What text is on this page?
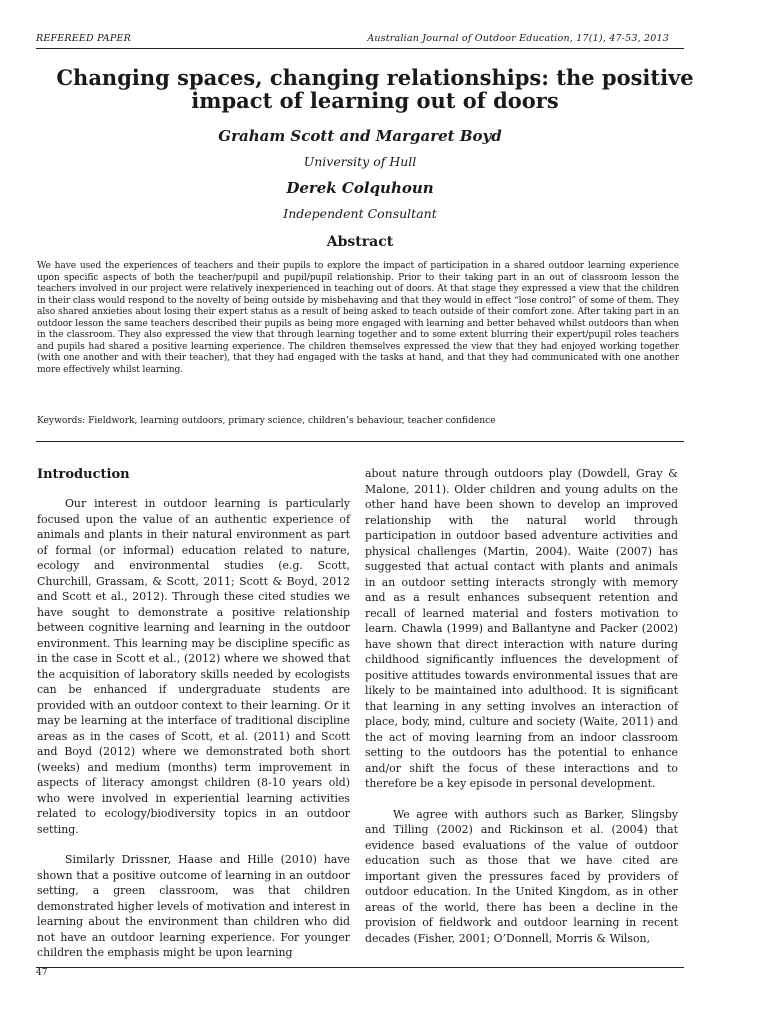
REFEREED PAPER	Australian Journal of Outdoor Education, 17(1), 47-53, 2013
Changing spaces, changing relationships: the positive impact of learning out of doors
Graham Scott and Margaret Boyd
University of Hull
Derek Colquhoun
Independent Consultant
Abstract
We have used the experiences of teachers and their pupils to explore the impact of participation in a shared outdoor learning experience upon specific aspects of both the teacher/pupil and pupil/pupil relationship. Prior to their taking part in an out of classroom lesson the teachers involved in our project were relatively inexperienced in teaching out of doors. At that stage they expressed a view that the children in their class would respond to the novelty of being outside by misbehaving and that they would in effect “lose control” of some of them. They also shared anxieties about losing their expert status as a result of being asked to teach outside of their comfort zone. After taking part in an outdoor lesson the same teachers described their pupils as being more engaged with learning and better behaved whilst outdoors than when in the classroom. They also expressed the view that through learning together and to some extent blurring their expert/pupil roles teachers and pupils had shared a positive learning experience. The children themselves expressed the view that they had enjoyed working together (with one another and with their teacher), that they had engaged with the tasks at hand, and that they had communicated with one another more effectively whilst learning.
Keywords: Fieldwork, learning outdoors, primary science, children’s behaviour, teacher confidence
Introduction

Our interest in outdoor learning is particularly focused upon the value of an authentic experience of animals and plants in their natural environment as part of formal (or informal) education related to nature, ecology and environmental studies (e.g. Scott, Churchill, Grassam, & Scott, 2011; Scott & Boyd, 2012 and Scott et al., 2012). Through these cited studies we have sought to demonstrate a positive relationship between cognitive learning and learning in the outdoor environment. This learning may be discipline specific as in the case in Scott et al., (2012) where we showed that the acquisition of laboratory skills needed by ecologists can be enhanced if undergraduate students are provided with an outdoor context to their learning. Or it may be learning at the interface of traditional discipline areas as in the cases of Scott, et al. (2011) and Scott and Boyd (2012) where we demonstrated both short (weeks) and medium (months) term improvement in aspects of literacy amongst children (8-10 years old) who were involved in experiential learning activities related to ecology/biodiversity topics in an outdoor setting.

Similarly Drissner, Haase and Hille (2010) have shown that a positive outcome of learning in an outdoor setting, a green classroom, was that children demonstrated higher levels of motivation and interest in learning about the environment than children who did not have an outdoor learning experience. For younger children the emphasis might be upon learning

about nature through outdoors play (Dowdell, Gray & Malone, 2011). Older children and young adults on the other hand have been shown to develop an improved relationship with the natural world through participation in outdoor based adventure activities and physical challenges (Martin, 2004). Waite (2007) has suggested that actual contact with plants and animals in an outdoor setting interacts strongly with memory and as a result enhances subsequent retention and recall of learned material and fosters motivation to learn. Chawla (1999) and Ballantyne and Packer (2002) have shown that direct interaction with nature during childhood significantly influences the development of positive attitudes towards environmental issues that are likely to be maintained into adulthood. It is significant that learning in any setting involves an interaction of place, body, mind, culture and society (Waite, 2011) and the act of moving learning from an indoor classroom setting to the outdoors has the potential to enhance and/or shift the focus of these interactions and to therefore be a key episode in personal development.

We agree with authors such as Barker, Slingsby and Tilling (2002) and Rickinson et al. (2004) that evidence based evaluations of the value of outdoor education such as those that we have cited are important given the pressures faced by providers of outdoor education. In the United Kingdom, as in other areas of the world, there has been a decline in the provision of fieldwork and outdoor learning in recent decades (Fisher, 2001; O’Donnell, Morris & Wilson,

47
